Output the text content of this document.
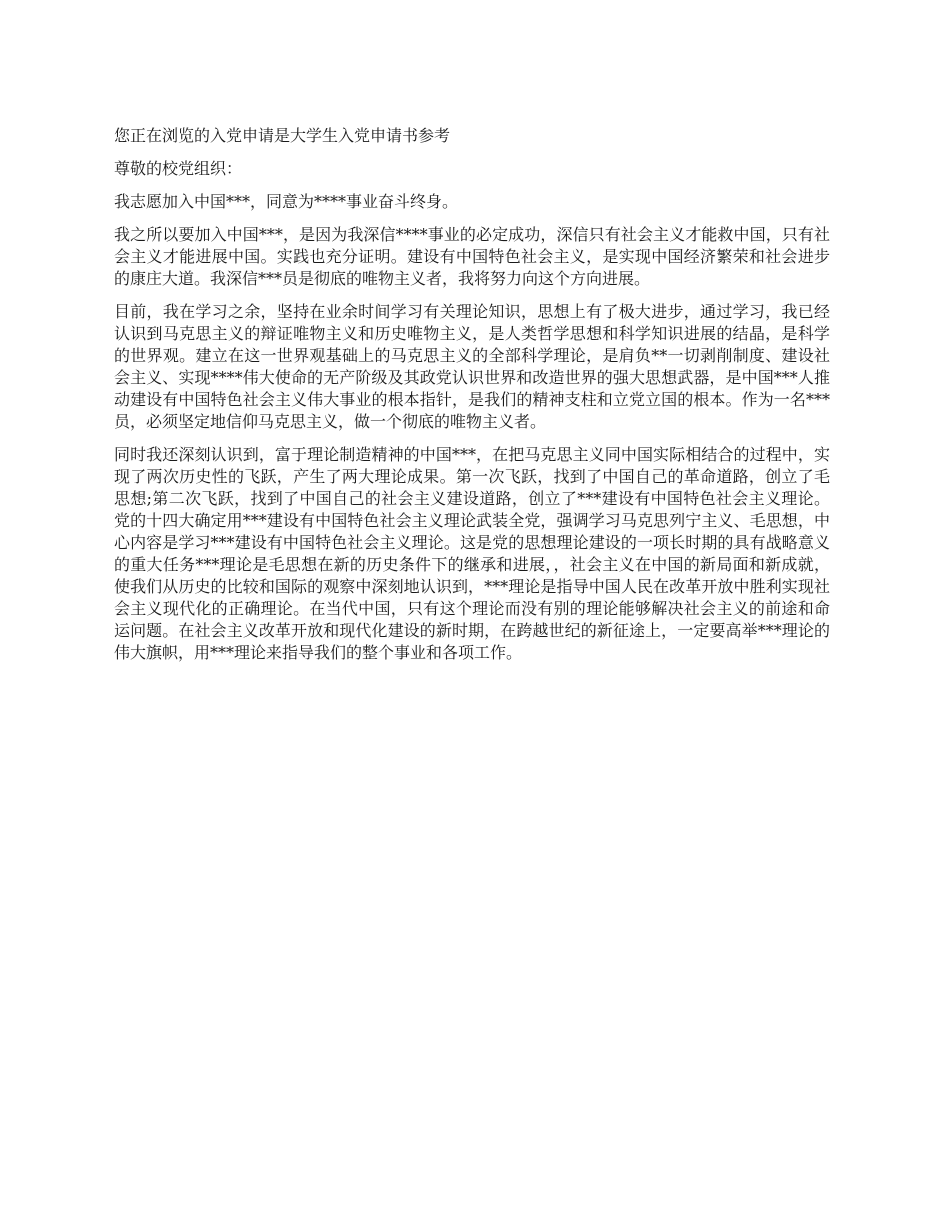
您正在浏览的入党申请是大学生入党申请书参考

尊敬的校党组织：

我志愿加入中国***，同意为****事业奋斗终身。

我之所以要加入中国***，是因为我深信****事业的必定成功，深信只有社会主义才能救中国，只有社会主义才能进展中国。实践也充分证明。建设有中国特色社会主义，是实现中国经济繁荣和社会进步的康庄大道。我深信***员是彻底的唯物主义者，我将努力向这个方向进展。

目前，我在学习之余，坚持在业余时间学习有关理论知识，思想上有了极大进步，通过学习，我已经认识到马克思主义的辩证唯物主义和历史唯物主义，是人类哲学思想和科学知识进展的结晶，是科学的世界观。建立在这一世界观基础上的马克思主义的全部科学理论，是肩负**一切剥削制度、建设社会主义、实现****伟大使命的无产阶级及其政党认识世界和改造世界的强大思想武器，是中国***人推动建设有中国特色社会主义伟大事业的根本指针，是我们的精神支柱和立党立国的根本。作为一名***员，必须坚定地信仰马克思主义，做一个彻底的唯物主义者。

同时我还深刻认识到，富于理论制造精神的中国***，在把马克思主义同中国实际相结合的过程中，实现了两次历史性的飞跃，产生了两大理论成果。第一次飞跃，找到了中国自己的革命道路，创立了毛思想;第二次飞跃，找到了中国自己的社会主义建设道路，创立了***建设有中国特色社会主义理论。党的十四大确定用***建设有中国特色社会主义理论武装全党，强调学习马克思列宁主义、毛思想，中心内容是学习***建设有中国特色社会主义理论。这是党的思想理论建设的一项长时期的具有战略意义的重大任务***理论是毛思想在新的历史条件下的继承和进展，，社会主义在中国的新局面和新成就，使我们从历史的比较和国际的观察中深刻地认识到，***理论是指导中国人民在改革开放中胜利实现社会主义现代化的正确理论。在当代中国，只有这个理论而没有别的理论能够解决社会主义的前途和命运问题。在社会主义改革开放和现代化建设的新时期，在跨越世纪的新征途上，一定要高举***理论的伟大旗帜，用***理论来指导我们的整个事业和各项工作。
